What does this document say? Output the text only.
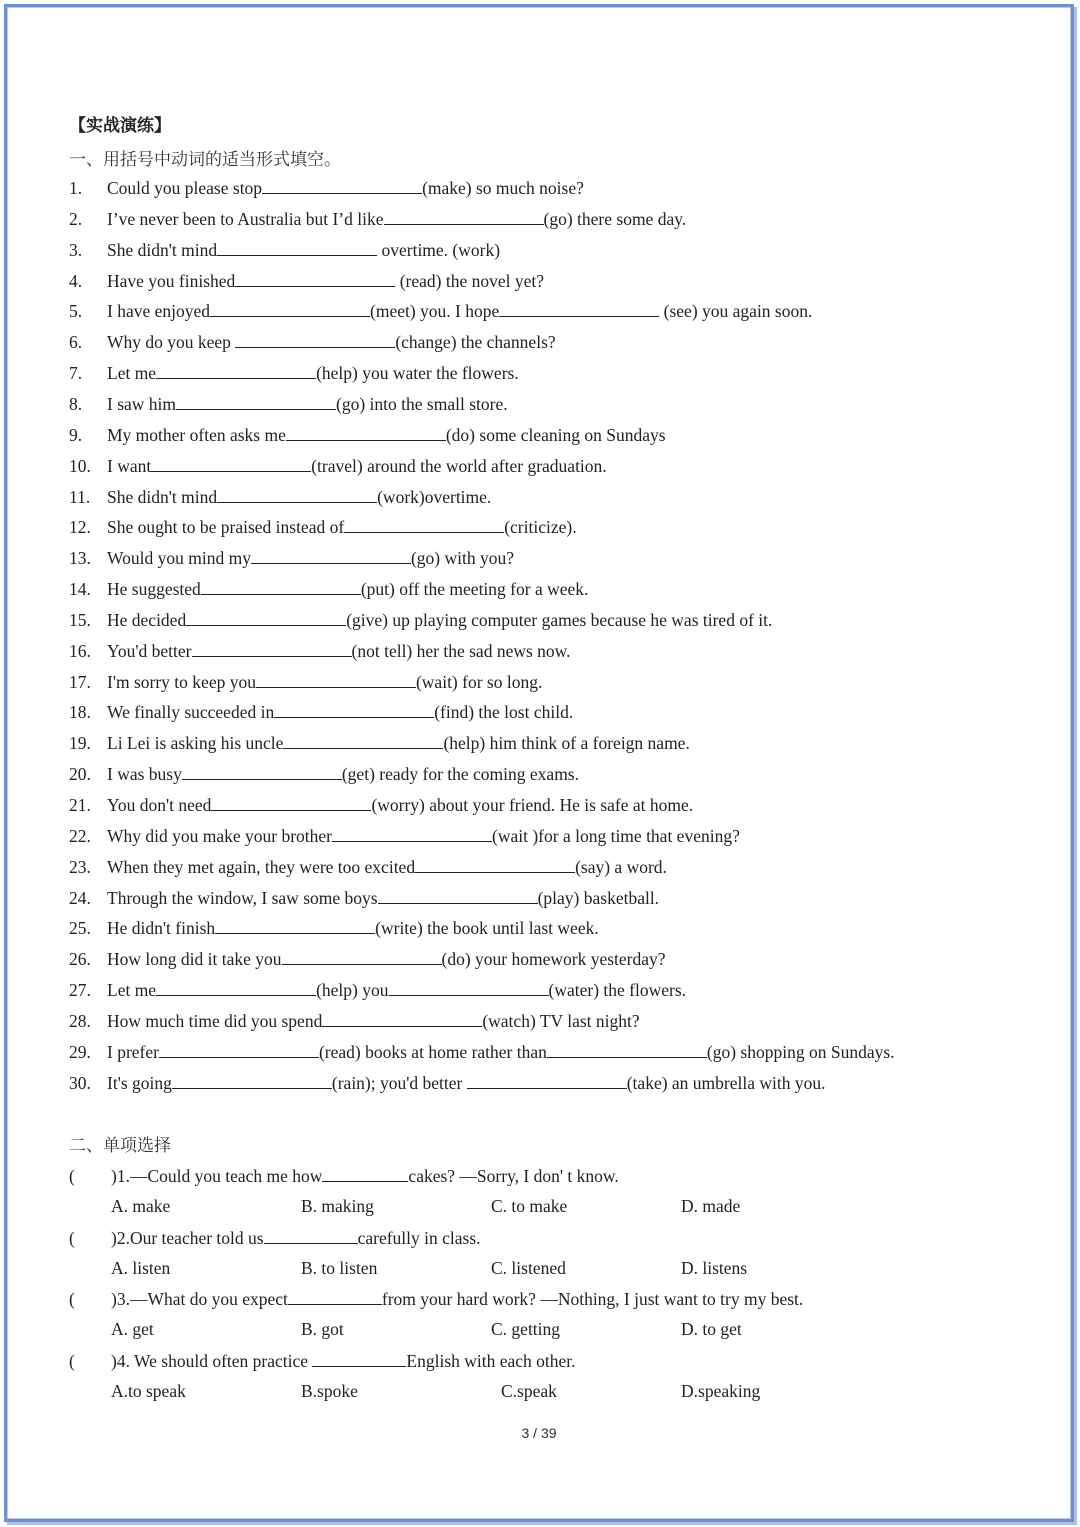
【实战演练】
一、用括号中动词的适当形式填空。
1. Could you please stop	(make) so much noise?
2. I’ve never been to Australia but I’d like	(go) there some day.
3. She didn't mind	overtime. (work)
4. Have you finished	(read) the novel yet?
5. I have enjoyed	(meet) you. I hope	(see) you again soon.
6. Why do you keep	(change) the channels?
7. Let me	(help) you water the flowers.
8. I saw him	(go) into the small store.
9. My mother often asks me	(do) some cleaning on Sundays
10. I want	(travel) around the world after graduation.
11. She didn't mind	(work)overtime.
12. She ought to be praised instead of	(criticize).
13. Would you mind my	(go) with you?
14. He suggested	(put) off the meeting for a week.
15. He decided	(give) up playing computer games because he was tired of it.
16. You'd better	(not tell) her the sad news now.
17. I'm sorry to keep you	(wait) for so long.
18. We finally succeeded in	(find) the lost child.
19. Li Lei is asking his uncle	(help) him think of a foreign name.
20. I was busy	(get) ready for the coming exams.
21. You don't need	(worry) about your friend. He is safe at home.
22. Why did you make your brother	(wait )for a long time that evening?
23. When they met again, they were too excited	(say) a word.
24. Through the window, I saw some boys	(play) basketball.
25. He didn't finish	(write) the book until last week.
26. How long did it take you	(do) your homework yesterday?
27. Let me	(help) you	(water) the flowers.
28. How much time did you spend	(watch) TV last night?
29. I prefer	(read) books at home rather than	(go) shopping on Sundays.
30. It's going	(rain); you'd better	(take) an umbrella with you.
二、单项选择
( )1.—Could you teach me how	cakes? —Sorry, I don' t know.
A. make	B. making	C. to make	D. made
( )2.Our teacher told us	carefully in class.
A. listen	B. to listen	C. listened	D. listens
( )3.—What do you expect	from your hard work? —Nothing, I just want to try my best.
A. get	B. got	C. getting	D. to get
( )4. We should often practice	English with each other.
A.to speak	B.spoke	C.speak	D.speaking
3 / 39
